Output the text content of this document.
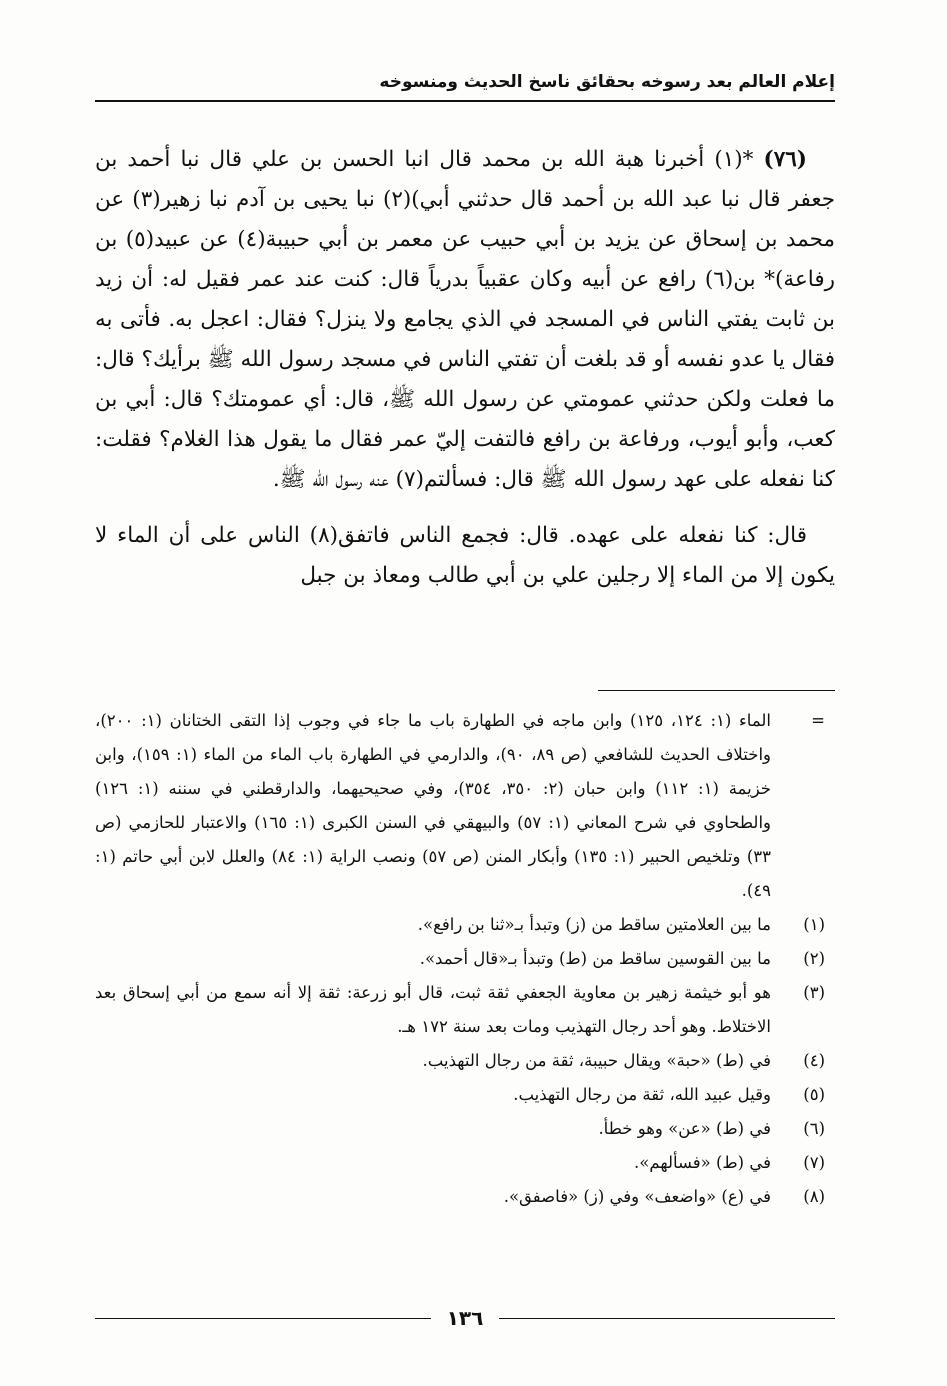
إعلام العالم بعد رسوخه بحقائق ناسخ الحديث ومنسوخه

(٧٦) *(١) أخبرنا هبة الله بن محمد قال انبا الحسن بن علي قال نبا أحمد بن جعفر قال نبا عبد الله بن أحمد قال حدثني أبي)(٢) نبا يحيى بن آدم نبا زهير(٣) عن محمد بن إسحاق عن يزيد بن أبي حبيب عن معمر بن أبي حبيبة(٤) عن عبيد(٥) بن رفاعة)* بن(٦) رافع عن أبيه وكان عقبياً بدرياً قال: كنت عند عمر فقيل له: أن زيد بن ثابت يفتي الناس في المسجد في الذي يجامع ولا ينزل؟ فقال: اعجل به. فأتى به فقال يا عدو نفسه أو قد بلغت أن تفتي الناس في مسجد رسول الله ﷺ برأيك؟ قال: ما فعلت ولكن حدثني عمومتي عن رسول الله ﷺ، قال: أي عمومتك؟ قال: أبي بن كعب، وأبو أيوب، ورفاعة بن رافع فالتفت إليّ عمر فقال ما يقول هذا الغلام؟ فقلت: كنا نفعله على عهد رسول الله ﷺ قال: فسألتم(٧) عنه رسول الله ﷺ.

قال: كنا نفعله على عهده. قال: فجمع الناس فاتفق(٨) الناس على أن الماء لا يكون إلا من الماء إلا رجلين علي بن أبي طالب ومعاذ بن جبل

=
الماء (١: ١٢٤، ١٢٥) وابن ماجه في الطهارة باب ما جاء في وجوب إذا التقى الختانان (١: ٢٠٠)، واختلاف الحديث للشافعي (ص ٨٩، ٩٠)، والدارمي في الطهارة باب الماء من الماء (١: ١٥٩)، وابن خزيمة (١: ١١٢) وابن حبان (٢: ٣٥٠، ٣٥٤)، وفي صحيحيهما، والدارقطني في سننه (١: ١٢٦) والطحاوي في شرح المعاني (١: ٥٧) والبيهقي في السنن الكبرى (١: ١٦٥) والاعتبار للحازمي (ص ٣٣) وتلخيص الحبير (١: ١٣٥) وأبكار المنن (ص ٥٧) ونصب الراية (١: ٨٤) والعلل لابن أبي حاتم (١: ٤٩).
(١)
ما بين العلامتين ساقط من (ز) وتبدأ بـ«ثنا بن رافع».
(٢)
ما بين القوسين ساقط من (ط) وتبدأ بـ«قال أحمد».
(٣)
هو أبو خيثمة زهير بن معاوية الجعفي ثقة ثبت، قال أبو زرعة: ثقة إلا أنه سمع من أبي إسحاق بعد الاختلاط. وهو أحد رجال التهذيب ومات بعد سنة ١٧٢ هـ.
(٤)
في (ط) «حبة» ويقال حبيبة، ثقة من رجال التهذيب.
(٥)
وقيل عبيد الله، ثقة من رجال التهذيب.
(٦)
في (ط) «عن» وهو خطأ.
(٧)
في (ط) «فسألهم».
(٨)
في (ع) «واضعف» وفي (ز) «فاصفق».
١٣٦
